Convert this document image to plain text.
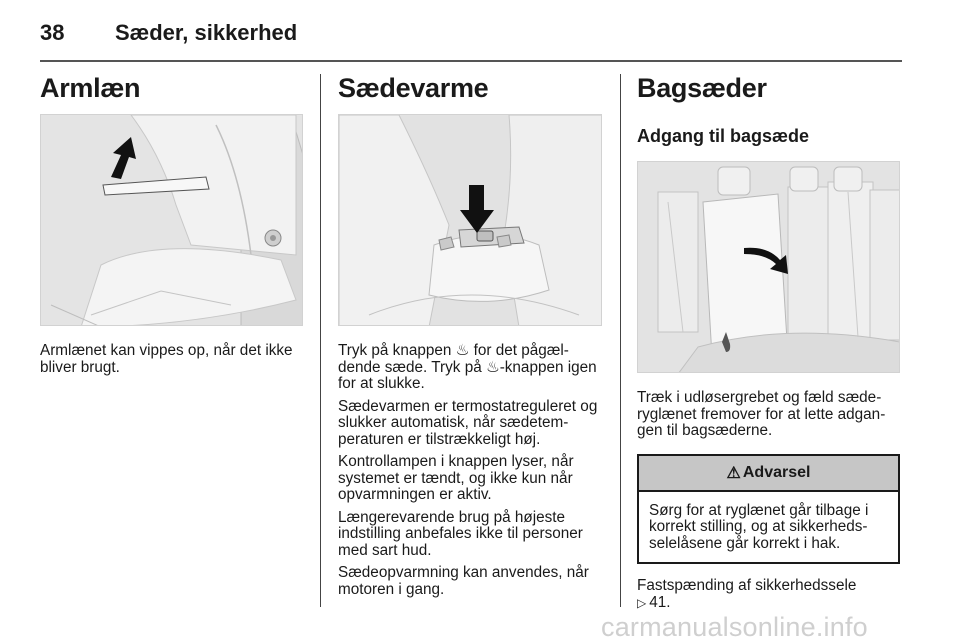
38	Sæder, sikkerhed
Armlæn

Armlænet kan vippes op, når det ikke bliver brugt.

Sædevarme

Tryk på knappen ♨ for det pågældende sæde. Tryk på ♨-knappen igen for at slukke.

Sædevarmen er termostatreguleret og slukker automatisk, når sædetemperaturen er tilstrækkeligt høj.

Kontrollampen i knappen lyser, når systemet er tændt, og ikke kun når opvarmningen er aktiv.

Længerevarende brug på højeste indstilling anbefales ikke til personer med sart hud.

Sædeopvarmning kan anvendes, når motoren i gang.

Bagsæder
Adgang til bagsæde

Træk i udløsergrebet og fæld sæderyglænet fremover for at lette adgangen til bagsæderne.

⚠ Advarsel
Sørg for at ryglænet går tilbage i korrekt stilling, og at sikkerhedsselelåsene går korrekt i hak.

Fastspænding af sikkerhedssele
▷ 41.

carmanualsonline.info
